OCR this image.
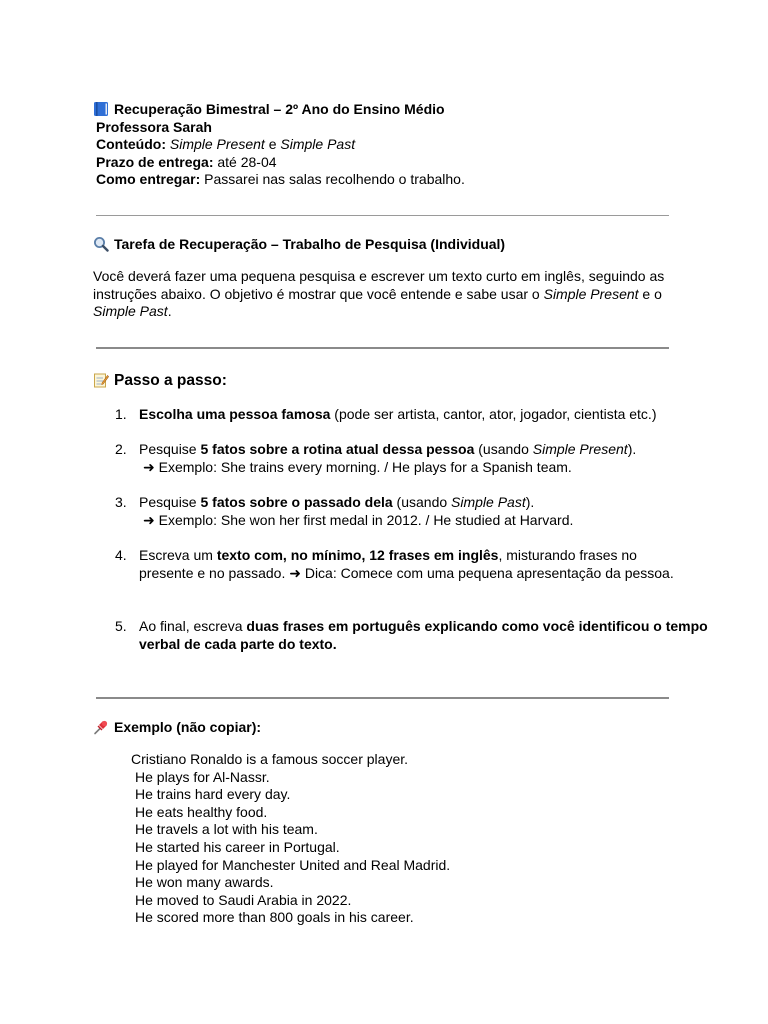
Recuperação Bimestral – 2º Ano do Ensino Médio
Professora Sarah
Conteúdo: Simple Present e Simple Past
Prazo de entrega: até 28-04
Como entregar: Passarei nas salas recolhendo o trabalho.
Tarefa de Recuperação – Trabalho de Pesquisa (Individual)
Você deverá fazer uma pequena pesquisa e escrever um texto curto em inglês, seguindo as instruções abaixo. O objetivo é mostrar que você entende e sabe usar o Simple Present e o Simple Past.
Passo a passo:
1. Escolha uma pessoa famosa (pode ser artista, cantor, ator, jogador, cientista etc.)
2. Pesquise 5 fatos sobre a rotina atual dessa pessoa (usando Simple Present).
➜ Exemplo: She trains every morning. / He plays for a Spanish team.
3. Pesquise 5 fatos sobre o passado dela (usando Simple Past).
➜ Exemplo: She won her first medal in 2012. / He studied at Harvard.
4. Escreva um texto com, no mínimo, 12 frases em inglês, misturando frases no presente e no passado. ➜ Dica: Comece com uma pequena apresentação da pessoa.
5. Ao final, escreva duas frases em português explicando como você identificou o tempo verbal de cada parte do texto.
Exemplo (não copiar):
Cristiano Ronaldo is a famous soccer player.
He plays for Al-Nassr.
He trains hard every day.
He eats healthy food.
He travels a lot with his team.
He started his career in Portugal.
He played for Manchester United and Real Madrid.
He won many awards.
He moved to Saudi Arabia in 2022.
He scored more than 800 goals in his career.
